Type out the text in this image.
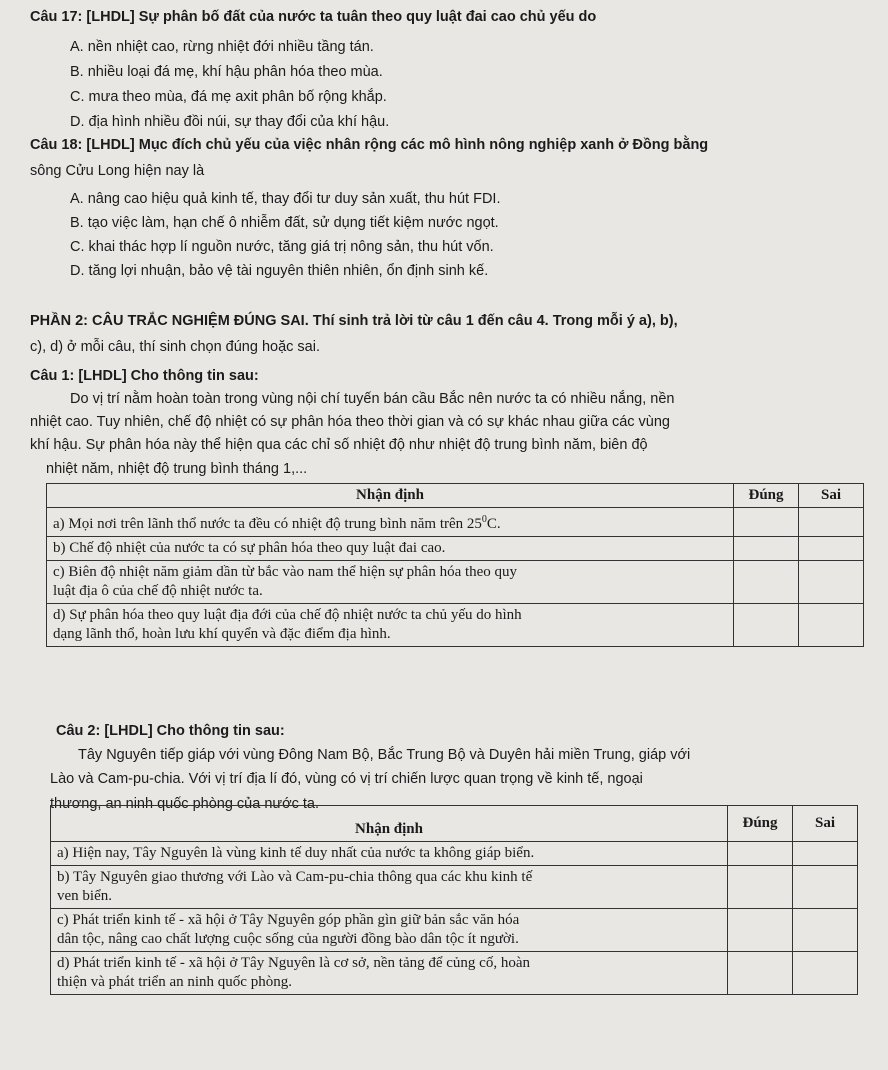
Câu 17: [LHDL] Sự phân bố đất của nước ta tuân theo quy luật đai cao chủ yếu do
A. nền nhiệt cao, rừng nhiệt đới nhiều tầng tán.
B. nhiều loại đá mẹ, khí hậu phân hóa theo mùa.
C. mưa theo mùa, đá mẹ axit phân bố rộng khắp.
D. địa hình nhiều đồi núi, sự thay đổi của khí hậu.
Câu 18: [LHDL] Mục đích chủ yếu của việc nhân rộng các mô hình nông nghiệp xanh ở Đồng bằng
sông Cửu Long hiện nay là
A. nâng cao hiệu quả kinh tế, thay đổi tư duy sản xuất, thu hút FDI.
B. tạo việc làm, hạn chế ô nhiễm đất, sử dụng tiết kiệm nước ngọt.
C. khai thác hợp lí nguồn nước, tăng giá trị nông sản, thu hút vốn.
D. tăng lợi nhuận, bảo vệ tài nguyên thiên nhiên, ổn định sinh kế.
PHẦN 2: CÂU TRẮC NGHIỆM ĐÚNG SAI. Thí sinh trả lời từ câu 1 đến câu 4. Trong mỗi ý a), b),
c), d) ở mỗi câu, thí sinh chọn đúng hoặc sai.
Câu 1: [LHDL] Cho thông tin sau:
Do vị trí nằm hoàn toàn trong vùng nội chí tuyến bán cầu Bắc nên nước ta có nhiều nắng, nền
nhiệt cao. Tuy nhiên, chế độ nhiệt có sự phân hóa theo thời gian và có sự khác nhau giữa các vùng
khí hậu. Sự phân hóa này thể hiện qua các chỉ số nhiệt độ như nhiệt độ trung bình năm, biên độ
nhiệt năm, nhiệt độ trung bình tháng 1,...
Nhận định	Đúng	Sai
a) Mọi nơi trên lãnh thổ nước ta đều có nhiệt độ trung bình năm trên $25^0C$.		
b) Chế độ nhiệt của nước ta có sự phân hóa theo quy luật đai cao.		
c) Biên độ nhiệt năm giảm dần từ bắc vào nam thể hiện sự phân hóa theo quy
luật địa ô của chế độ nhiệt nước ta.		
d) Sự phân hóa theo quy luật địa đới của chế độ nhiệt nước ta chủ yếu do hình
dạng lãnh thổ, hoàn lưu khí quyển và đặc điểm địa hình.		
Câu 2: [LHDL] Cho thông tin sau:
Tây Nguyên tiếp giáp với vùng Đông Nam Bộ, Bắc Trung Bộ và Duyên hải miền Trung, giáp với
Lào và Cam-pu-chia. Với vị trí địa lí đó, vùng có vị trí chiến lược quan trọng về kinh tế, ngoại
thương, an ninh quốc phòng của nước ta.
Nhận định	Đúng	Sai
a) Hiện nay, Tây Nguyên là vùng kinh tế duy nhất của nước ta không giáp biển.		
b) Tây Nguyên giao thương với Lào và Cam-pu-chia thông qua các khu kinh tế
ven biển.		
c) Phát triển kinh tế - xã hội ở Tây Nguyên góp phần gìn giữ bản sắc văn hóa
dân tộc, nâng cao chất lượng cuộc sống của người đồng bào dân tộc ít người.		
d) Phát triển kinh tế - xã hội ở Tây Nguyên là cơ sở, nền tảng để củng cố, hoàn
thiện và phát triển an ninh quốc phòng.		
